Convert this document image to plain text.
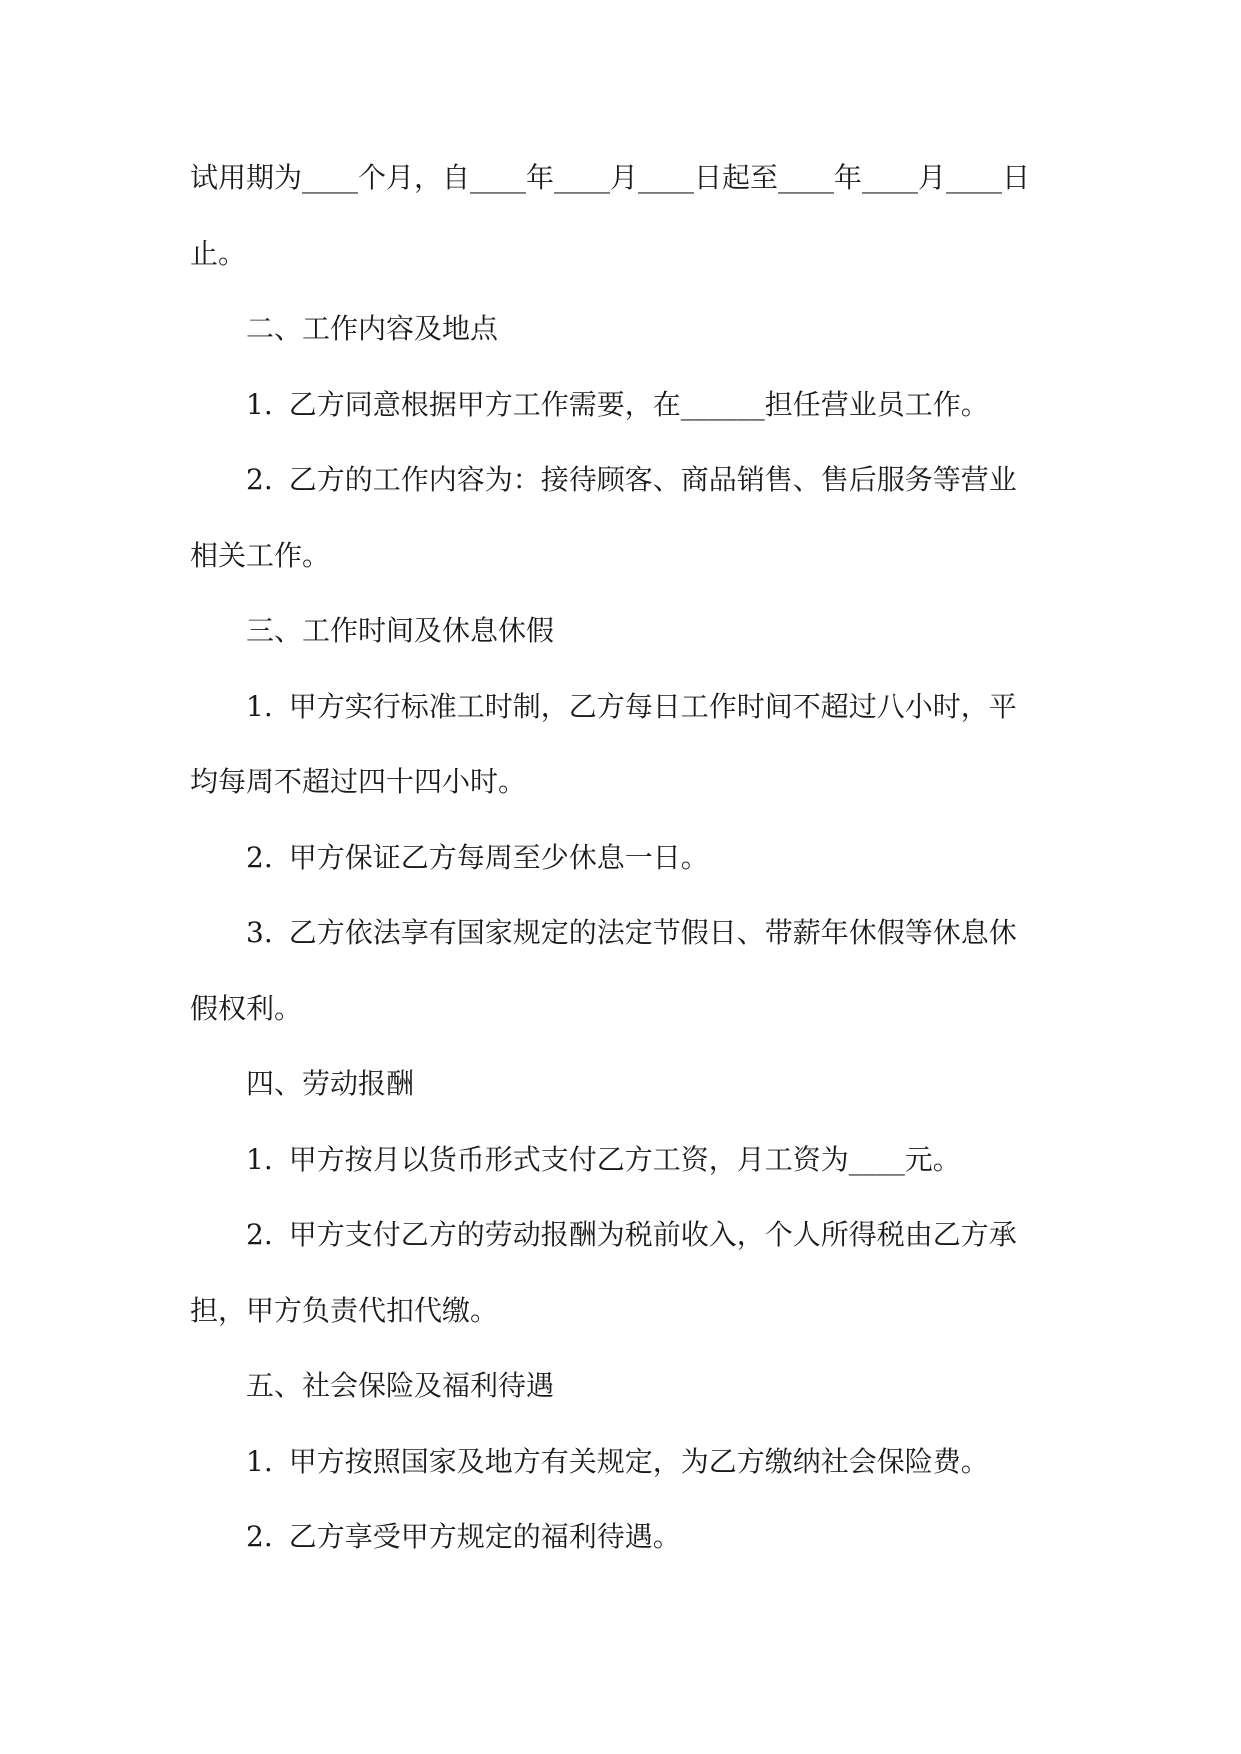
试用期为____个月，自____年____月____日起至____年____月____日
止。
二、工作内容及地点
1. 乙方同意根据甲方工作需要，在______担任营业员工作。
2. 乙方的工作内容为：接待顾客、商品销售、售后服务等营业
相关工作。
三、工作时间及休息休假
1. 甲方实行标准工时制，乙方每日工作时间不超过八小时，平
均每周不超过四十四小时。
2. 甲方保证乙方每周至少休息一日。
3. 乙方依法享有国家规定的法定节假日、带薪年休假等休息休
假权利。
四、劳动报酬
1. 甲方按月以货币形式支付乙方工资，月工资为____元。
2. 甲方支付乙方的劳动报酬为税前收入，个人所得税由乙方承
担，甲方负责代扣代缴。
五、社会保险及福利待遇
1. 甲方按照国家及地方有关规定，为乙方缴纳社会保险费。
2. 乙方享受甲方规定的福利待遇。
